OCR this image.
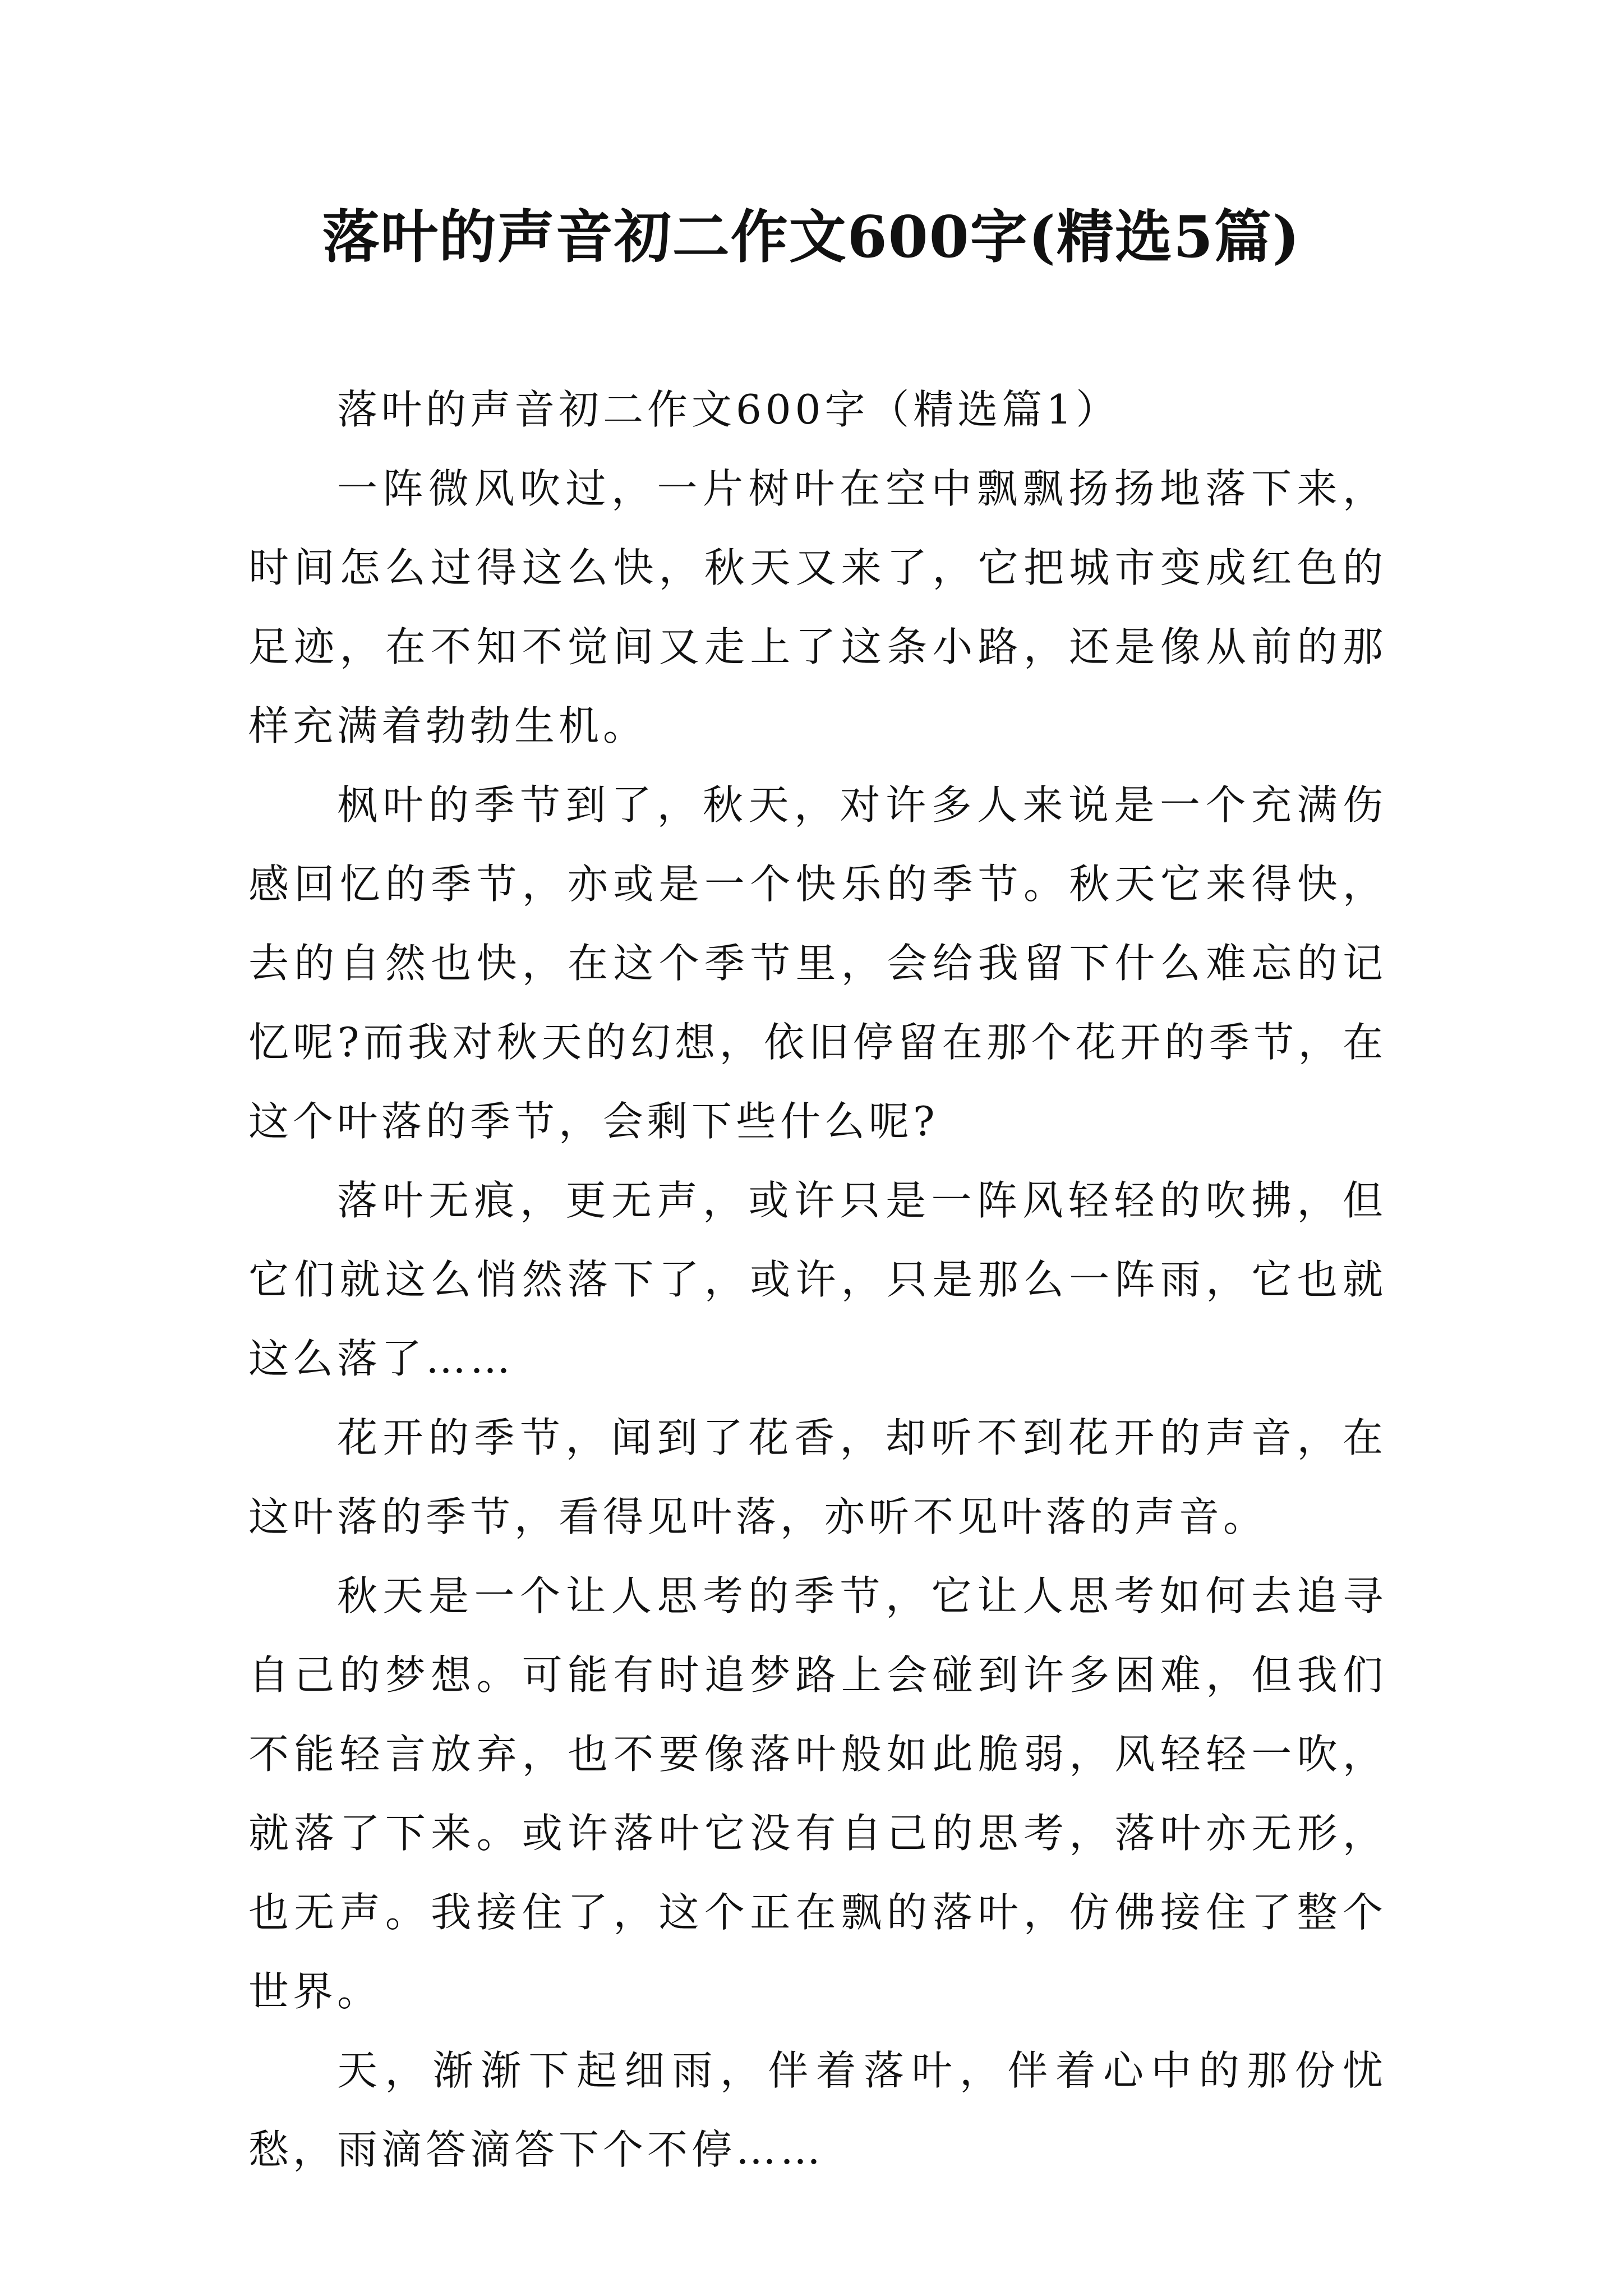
落叶的声音初二作文600字(精选5篇)

落叶的声音初二作文600字（精选篇1）

一阵微风吹过，一片树叶在空中飘飘扬扬地落下来，时间怎么过得这么快，秋天又来了，它把城市变成红色的足迹，在不知不觉间又走上了这条小路，还是像从前的那样充满着勃勃生机。

枫叶的季节到了，秋天，对许多人来说是一个充满伤感回忆的季节，亦或是一个快乐的季节。秋天它来得快，去的自然也快，在这个季节里，会给我留下什么难忘的记忆呢?而我对秋天的幻想，依旧停留在那个花开的季节，在这个叶落的季节，会剩下些什么呢?

落叶无痕，更无声，或许只是一阵风轻轻的吹拂，但它们就这么悄然落下了，或许，只是那么一阵雨，它也就这么落了……

花开的季节，闻到了花香，却听不到花开的声音，在这叶落的季节，看得见叶落，亦听不见叶落的声音。

秋天是一个让人思考的季节，它让人思考如何去追寻自己的梦想。可能有时追梦路上会碰到许多困难，但我们不能轻言放弃，也不要像落叶般如此脆弱，风轻轻一吹，就落了下来。或许落叶它没有自己的思考，落叶亦无形，也无声。我接住了，这个正在飘的落叶，仿佛接住了整个世界。

天，渐渐下起细雨，伴着落叶，伴着心中的那份忧愁，雨滴答滴答下个不停……
